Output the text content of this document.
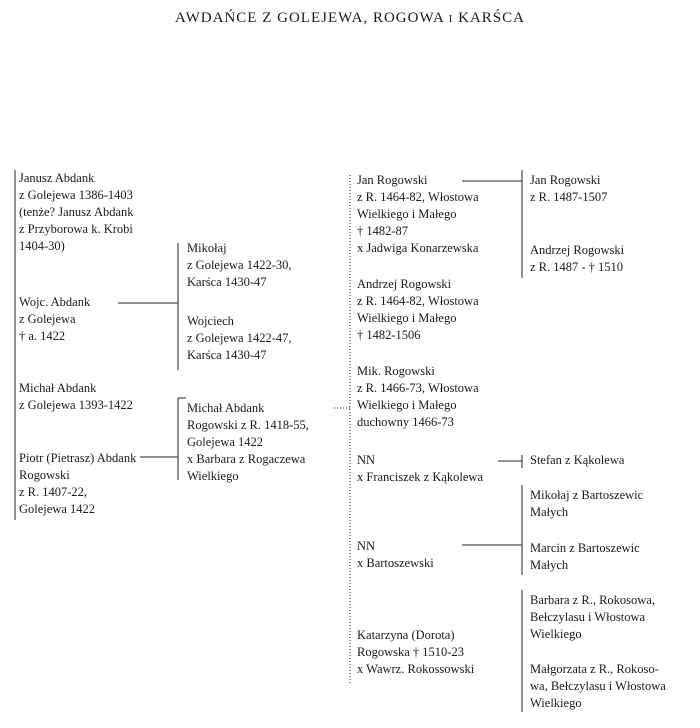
AWDAŃCE Z GOLEJEWA, ROGOWA i KARŚCA
Janusz Abdank
z Golejewa 1386-1403
(tenże? Janusz Abdank
z Przyborowa k. Krobi
1404-30)
Wojc. Abdank
z Golejewa
† a. 1422
Michał Abdank
z Golejewa 1393-1422
Piotr (Pietrasz) Abdank
Rogowski
z R. 1407-22,
Golejewa 1422
Mikołaj
z Golejewa 1422-30,
Karśca 1430-47
Wojciech
z Golejewa 1422-47,
Karśca 1430-47
Michał Abdank
Rogowski z R. 1418-55,
Golejewa 1422
x Barbara z Rogaczewa
Wielkiego
Jan Rogowski
z R. 1464-82, Włostowa
Wielkiego i Małego
† 1482-87
x Jadwiga Konarzewska
Andrzej Rogowski
z R. 1464-82, Włostowa
Wielkiego i Małego
† 1482-1506
Mik. Rogowski
z R. 1466-73, Włostowa
Wielkiego i Małego
duchowny 1466-73
NN
x Franciszek z Kąkolewa
NN
x Bartoszewski
Katarzyna (Dorota)
Rogowska † 1510-23
x Wawrz. Rokossowski
Jan Rogowski
z R. 1487-1507
Andrzej Rogowski
z R. 1487 - † 1510
Stefan z Kąkolewa
Mikołaj z Bartoszewic
Małych
Marcin z Bartoszewic
Małych
Barbara z R., Rokosowa,
Bełczylasu i Włostowa
Wielkiego
Małgorzata z R., Rokoso-
wa, Bełczylasu i Włostowa
Wielkiego
